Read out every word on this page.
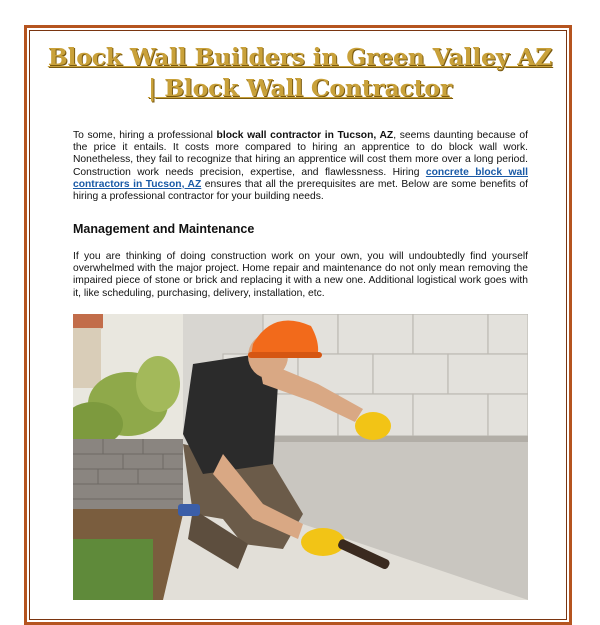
Block Wall Builders in Green Valley AZ
| Block Wall Contractor

To some, hiring a professional block wall contractor in Tucson, AZ, seems daunting because of the price it entails. It costs more compared to hiring an apprentice to do block wall work. Nonetheless, they fail to recognize that hiring an apprentice will cost them more over a long period. Construction work needs precision, expertise, and flawlessness. Hiring concrete block wall contractors in Tucson, AZ ensures that all the prerequisites are met. Below are some benefits of hiring a professional contractor for your building needs.

Management and Maintenance

If you are thinking of doing construction work on your own, you will undoubtedly find yourself overwhelmed with the major project. Home repair and maintenance do not only mean removing the impaired piece of stone or brick and replacing it with a new one. Additional logistical work goes with it, like scheduling, purchasing, delivery, installation, etc.
